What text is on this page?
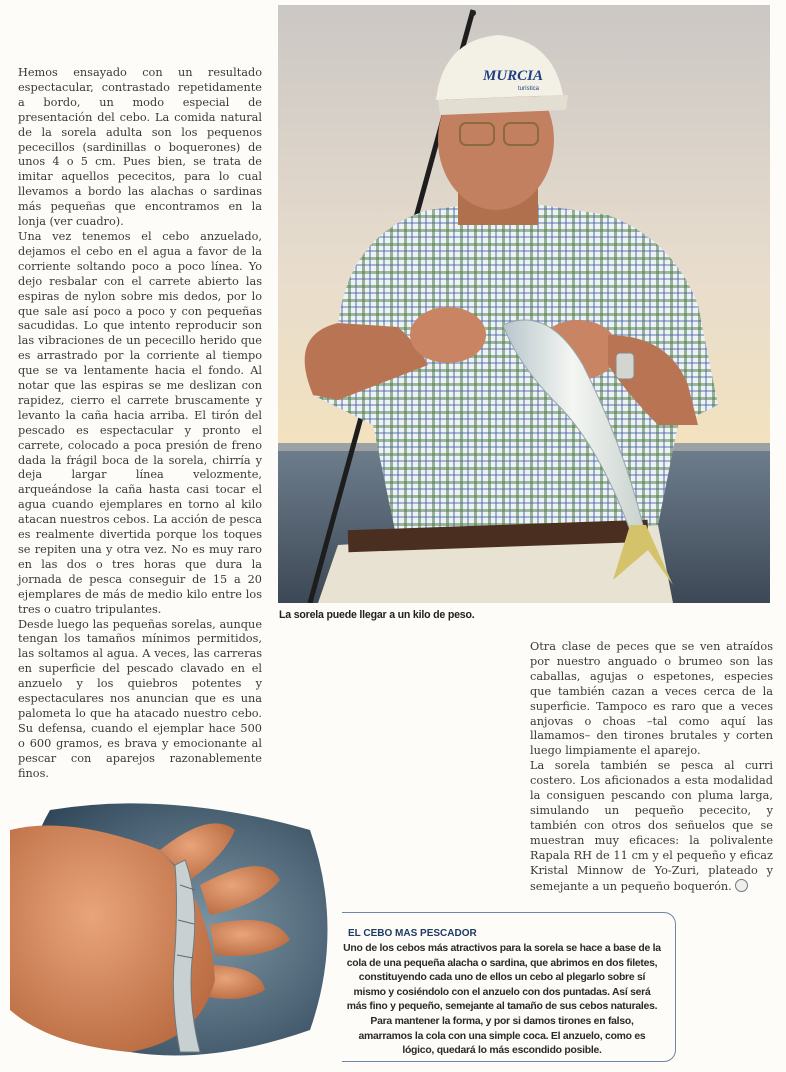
Hemos ensayado con un resultado espectacular, contrastado repetidamente a bordo, un modo especial de presentación del cebo. La comida natural de la sorela adulta son los pequenos pececillos (sardinillas o boquerones) de unos 4 o 5 cm. Pues bien, se trata de imitar aquellos pececitos, para lo cual llevamos a bordo las alachas o sardinas más pequeñas que encontramos en la lonja (ver cuadro).

Una vez tenemos el cebo anzuelado, dejamos el cebo en el agua a favor de la corriente soltando poco a poco línea. Yo dejo resbalar con el carrete abierto las espiras de nylon sobre mis dedos, por lo que sale así poco a poco y con pequeñas sacudidas. Lo que intento reproducir son las vibraciones de un pececillo herido que es arrastrado por la corriente al tiempo que se va lentamente hacia el fondo. Al notar que las espiras se me deslizan con rapidez, cierro el carrete bruscamente y levanto la caña hacia arriba. El tirón del pescado es espectacular y pronto el carrete, colocado a poca presión de freno dada la frágil boca de la sorela, chirría y deja largar línea velozmente, arqueándose la caña hasta casi tocar el agua cuando ejemplares en torno al kilo atacan nuestros cebos. La acción de pesca es realmente divertida porque los toques se repiten una y otra vez. No es muy raro en las dos o tres horas que dura la jornada de pesca conseguir de 15 a 20 ejemplares de más de medio kilo entre los tres o cuatro tripulantes.

Desde luego las pequeñas sorelas, aunque tengan los tamaños mínimos permitidos, las soltamos al agua. A veces, las carreras en superficie del pescado clavado en el anzuelo y los quiebros potentes y espectaculares nos anuncian que es una palometa lo que ha atacado nuestro cebo. Su defensa, cuando el ejemplar hace 500 o 600 gramos, es brava y emocionante al pescar con aparejos razonablemente finos.

MURCIA
turística
La sorela puede llegar a un kilo de peso.

Otra clase de peces que se ven atraídos por nuestro anguado o brumeo son las caballas, agujas o espetones, especies que también cazan a veces cerca de la superficie. Tampoco es raro que a veces anjovas o choas –tal como aquí las llamamos– den tirones brutales y corten luego limpiamente el aparejo.

La sorela también se pesca al curri costero. Los aficionados a esta modalidad la consiguen pescando con pluma larga, simulando un pequeño pececito, y también con otros dos señuelos que se muestran muy eficaces: la polivalente Rapala RH de 11 cm y el pequeño y eficaz Kristal Minnow de Yo-Zuri, plateado y semejante a un pequeño boquerón.

EL CEBO MAS PESCADOR

Uno de los cebos más atractivos para la sorela se hace a base de la cola de una pequeña alacha o sardina, que abrimos en dos filetes, constituyendo cada uno de ellos un cebo al plegarlo sobre sí mismo y cosiéndolo con el anzuelo con dos puntadas. Así será más fino y pequeño, semejante al tamaño de sus cebos naturales. Para mantener la forma, y por si damos tirones en falso, amarramos la cola con una simple coca. El anzuelo, como es lógico, quedará lo más escondido posible.
